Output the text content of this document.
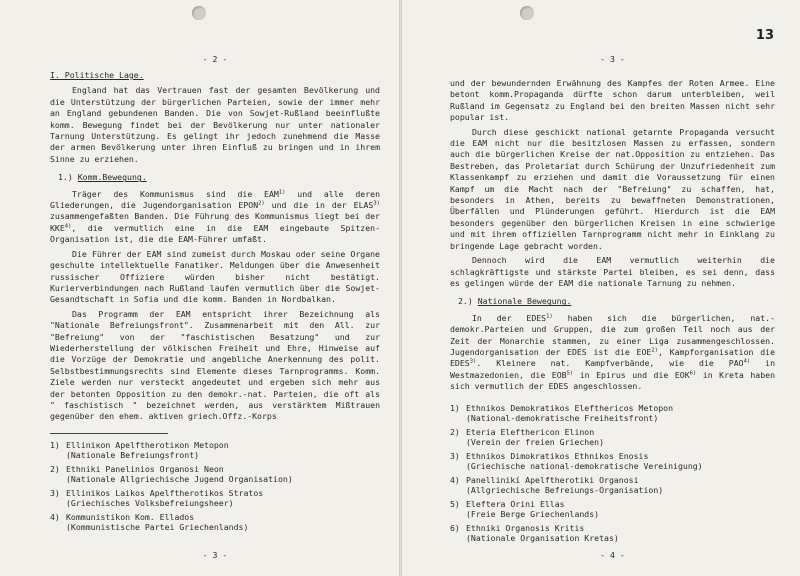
13
- 2 -
I. Politische Lage.

England hat das Vertrauen fast der gesamten Bevölkerung und die Unterstützung der bürgerlichen Parteien, sowie der immer mehr an England gebundenen Banden. Die von Sowjet-Rußland beeinflußte komm. Bewegung findet bei der Bevölkerung nur unter nationaler Tarnung Unterstützung. Es gelingt ihr jedoch zunehmend die Masse der armen Bevölkerung unter ihren Einfluß zu bringen und in ihrem Sinne zu erziehen.

1.) Komm.Bewegung.

Träger des Kommunismus sind die EAM$^{1)}$ und alle deren Gliederungen, die Jugendorganisation EPON$^{2)}$ und die in der ELAS$^{3)}$ zusammengefaßten Banden. Die Führung des Kommunismus liegt bei der KKE$^{4)}$, die vermutlich eine in die EAM eingebaute Spitzen-Organisation ist, die die EAM-Führer umfaßt.

Die Führer der EAM sind zumeist durch Moskau oder seine Organe geschulte intellektuelle Fanatiker. Meldungen über die Anwesenheit russischer Offiziere würden bisher nicht bestätigt. Kurierverbindungen nach Rußland laufen vermutlich über die Sowjet-Gesandtschaft in Sofia und die komm. Banden in Nordbalkan.

Das Programm der EAM entspricht ihrer Bezeichnung als "Nationale Befreiungsfront". Zusammenarbeit mit den All. zur "Befreiung" von der "faschistischen Besatzung" und zur Wiederherstellung der völkischen Freiheit und Ehre, Hinweise auf die Vorzüge der Demokratie und angebliche Anerkennung des polit. Selbstbestimmungsrechts sind Elemente dieses Tarnprogramms. Komm. Ziele werden nur versteckt angedeutet und ergeben sich mehr aus der betonten Opposition zu den demokr.-nat. Parteien, die oft als " faschistisch " bezeichnet werden, aus verstärktem Mißtrauen gegenüber den ehem. aktiven griech.Offz.-Korps

1) Elliniкon Apelftherotiкon Metopon
(Nationale Befreiungsfront)
2) Ethniki Panelinios Organosi Neon
(Nationale Allgriechische Jugend Organisation)
3) Ellinikos Laikos Apelftherotikos Stratos
(Griechisches Volksbefreiungsheer)
4) Kommunistikon Kom. Ellados
(Kommunistische Partei Griechenlands)
- 3 -
- 3 -

und der bewundernden Erwähnung des Kampfes der Roten Armee. Eine betont komm.Propaganda dürfte schon darum unterbleiben, weil Rußland im Gegensatz zu England bei den breiten Massen nicht sehr popular ist.

Durch diese geschickt national getarnte Propaganda versucht die EAM nicht nur die besitzlosen Massen zu erfassen, sondern auch die bürgerlichen Kreise der nat.Opposition zu entziehen. Das Bestreben, das Proletariat durch Schürung der Unzufriedenheit zum Klassenkampf zu erziehen und damit die Voraussetzung für einen Kampf um die Macht nach der "Befreiung" zu schaffen, hat, besonders in Athen, bereits zu bewaffneten Demonstrationen, Überfällen und Plünderungen geführt. Hierdurch ist die EAM besonders gegenüber den bürgerlichen Kreisen in eine schwierige und mit ihrem offiziellen Tarnprogramm nicht mehr in Einklang zu bringende Lage gebracht worden.

Dennoch wird die EAM vermutlich weiterhin die schlagkräftigste und stärkste Partei bleiben, es sei denn, dass es gelingen würde der EAM die nationale Tarnung zu nehmen.

2.) Nationale Bewegung.

In der EDES$^{1)}$ haben sich die bürgerlichen, nat.-demokr.Parteien und Gruppen, die zum großen Teil noch aus der Zeit der Monarchie stammen, zu einer Liga zusammengeschlossen. Jugendorganisation der EDES ist die EOE$^{2)}$, Kampforganisation die EDES$^{3)}$. Kleinere nat. Kampfverbände, wie die PAO$^{4)}$ in Westmazedonien, die EOB$^{5)}$ in Epirus und die EOK$^{6)}$ in Kreta haben sich vermutlich der EDES angeschlossen.

1) Ethnikos Demokratikos Elefthericos Metopon
(National-demokratische Freiheitsfront)
2) Eteria Elefthericon Elinon
(Verein der freien Griechen)
3) Ethnikos Dimokratikos Ethnikos Enosis
(Griechische national-demokratische Vereinigung)
4) Panellinikí Apelftherotiki Organosi
(Allgriechische Befreiungs-Organisation)
5) Eleftera Orini Ellas
(Freie Berge Griechenlands)
6) Ethniki Organosis Kritis
(Nationale Organisation Kretas)
- 4 -
